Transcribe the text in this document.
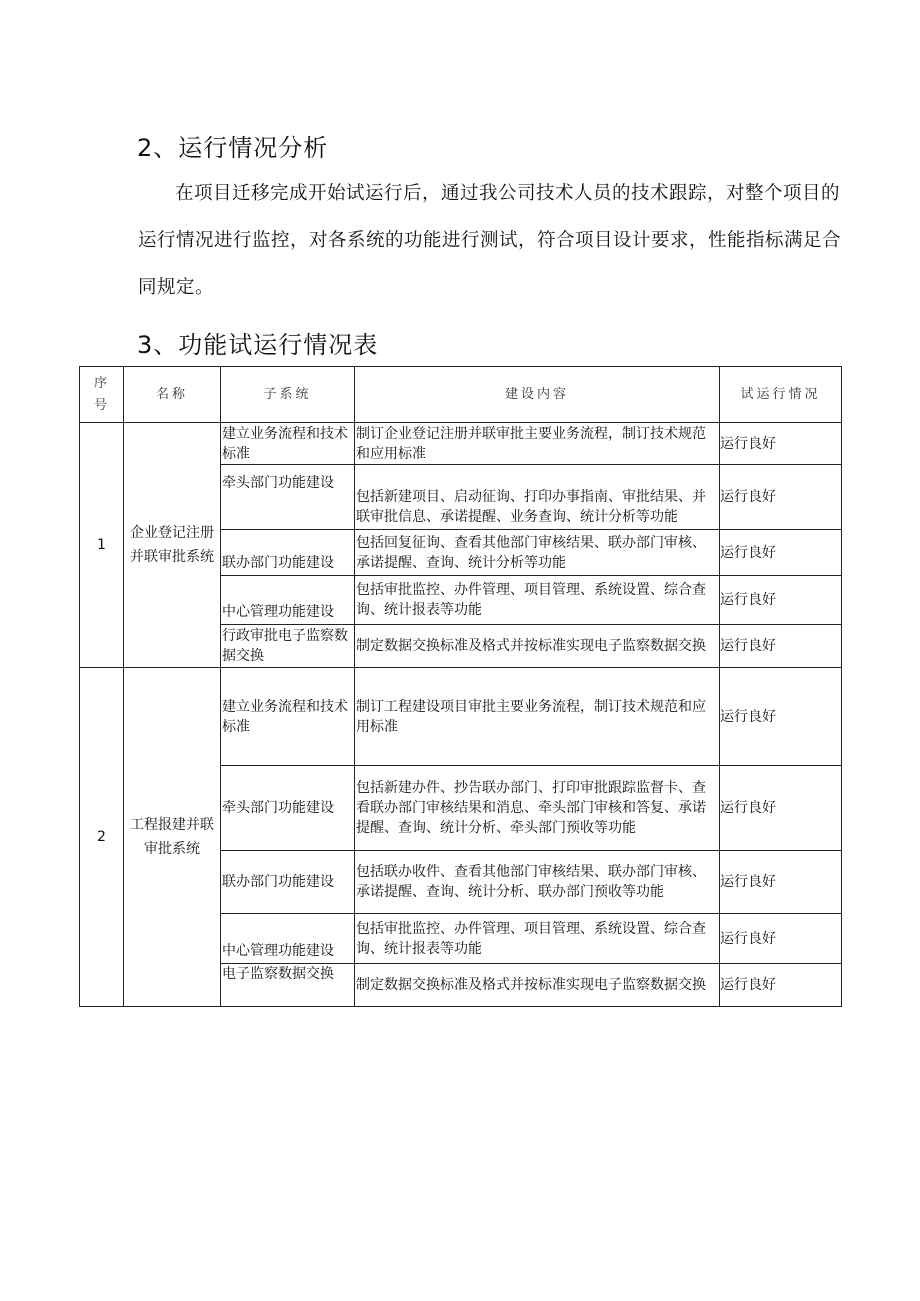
2、运行情况分析

在项目迁移完成开始试运行后，通过我公司技术人员的技术跟踪，对整个项目的运行情况进行监控，对各系统的功能进行测试，符合项目设计要求，性能指标满足合同规定。

3、功能试运行情况表
序号	名称	子系统	建设内容	试运行情况
1	企业登记注册并联审批系统	建立业务流程和技术标准	制订企业登记注册并联审批主要业务流程，制订技术规范和应用标准	运行良好
		牵头部门功能建设	包括新建项目、启动征询、打印办事指南、审批结果、并联审批信息、承诺提醒、业务查询、统计分析等功能	运行良好
		联办部门功能建设	包括回复征询、查看其他部门审核结果、联办部门审核、承诺提醒、查询、统计分析等功能	运行良好
		中心管理功能建设	包括审批监控、办件管理、项目管理、系统设置、综合查询、统计报表等功能	运行良好
		行政审批电子监察数据交换	制定数据交换标准及格式并按标准实现电子监察数据交换	运行良好
2	工程报建并联审批系统	建立业务流程和技术标准	制订工程建设项目审批主要业务流程，制订技术规范和应用标准	运行良好
		牵头部门功能建设	包括新建办件、抄告联办部门、打印审批跟踪监督卡、查看联办部门审核结果和消息、牵头部门审核和答复、承诺提醒、查询、统计分析、牵头部门预收等功能	运行良好
		联办部门功能建设	包括联办收件、查看其他部门审核结果、联办部门审核、承诺提醒、查询、统计分析、联办部门预收等功能	运行良好
		中心管理功能建设	包括审批监控、办件管理、项目管理、系统设置、综合查询、统计报表等功能	运行良好
		电子监察数据交换	制定数据交换标准及格式并按标准实现电子监察数据交换	运行良好
